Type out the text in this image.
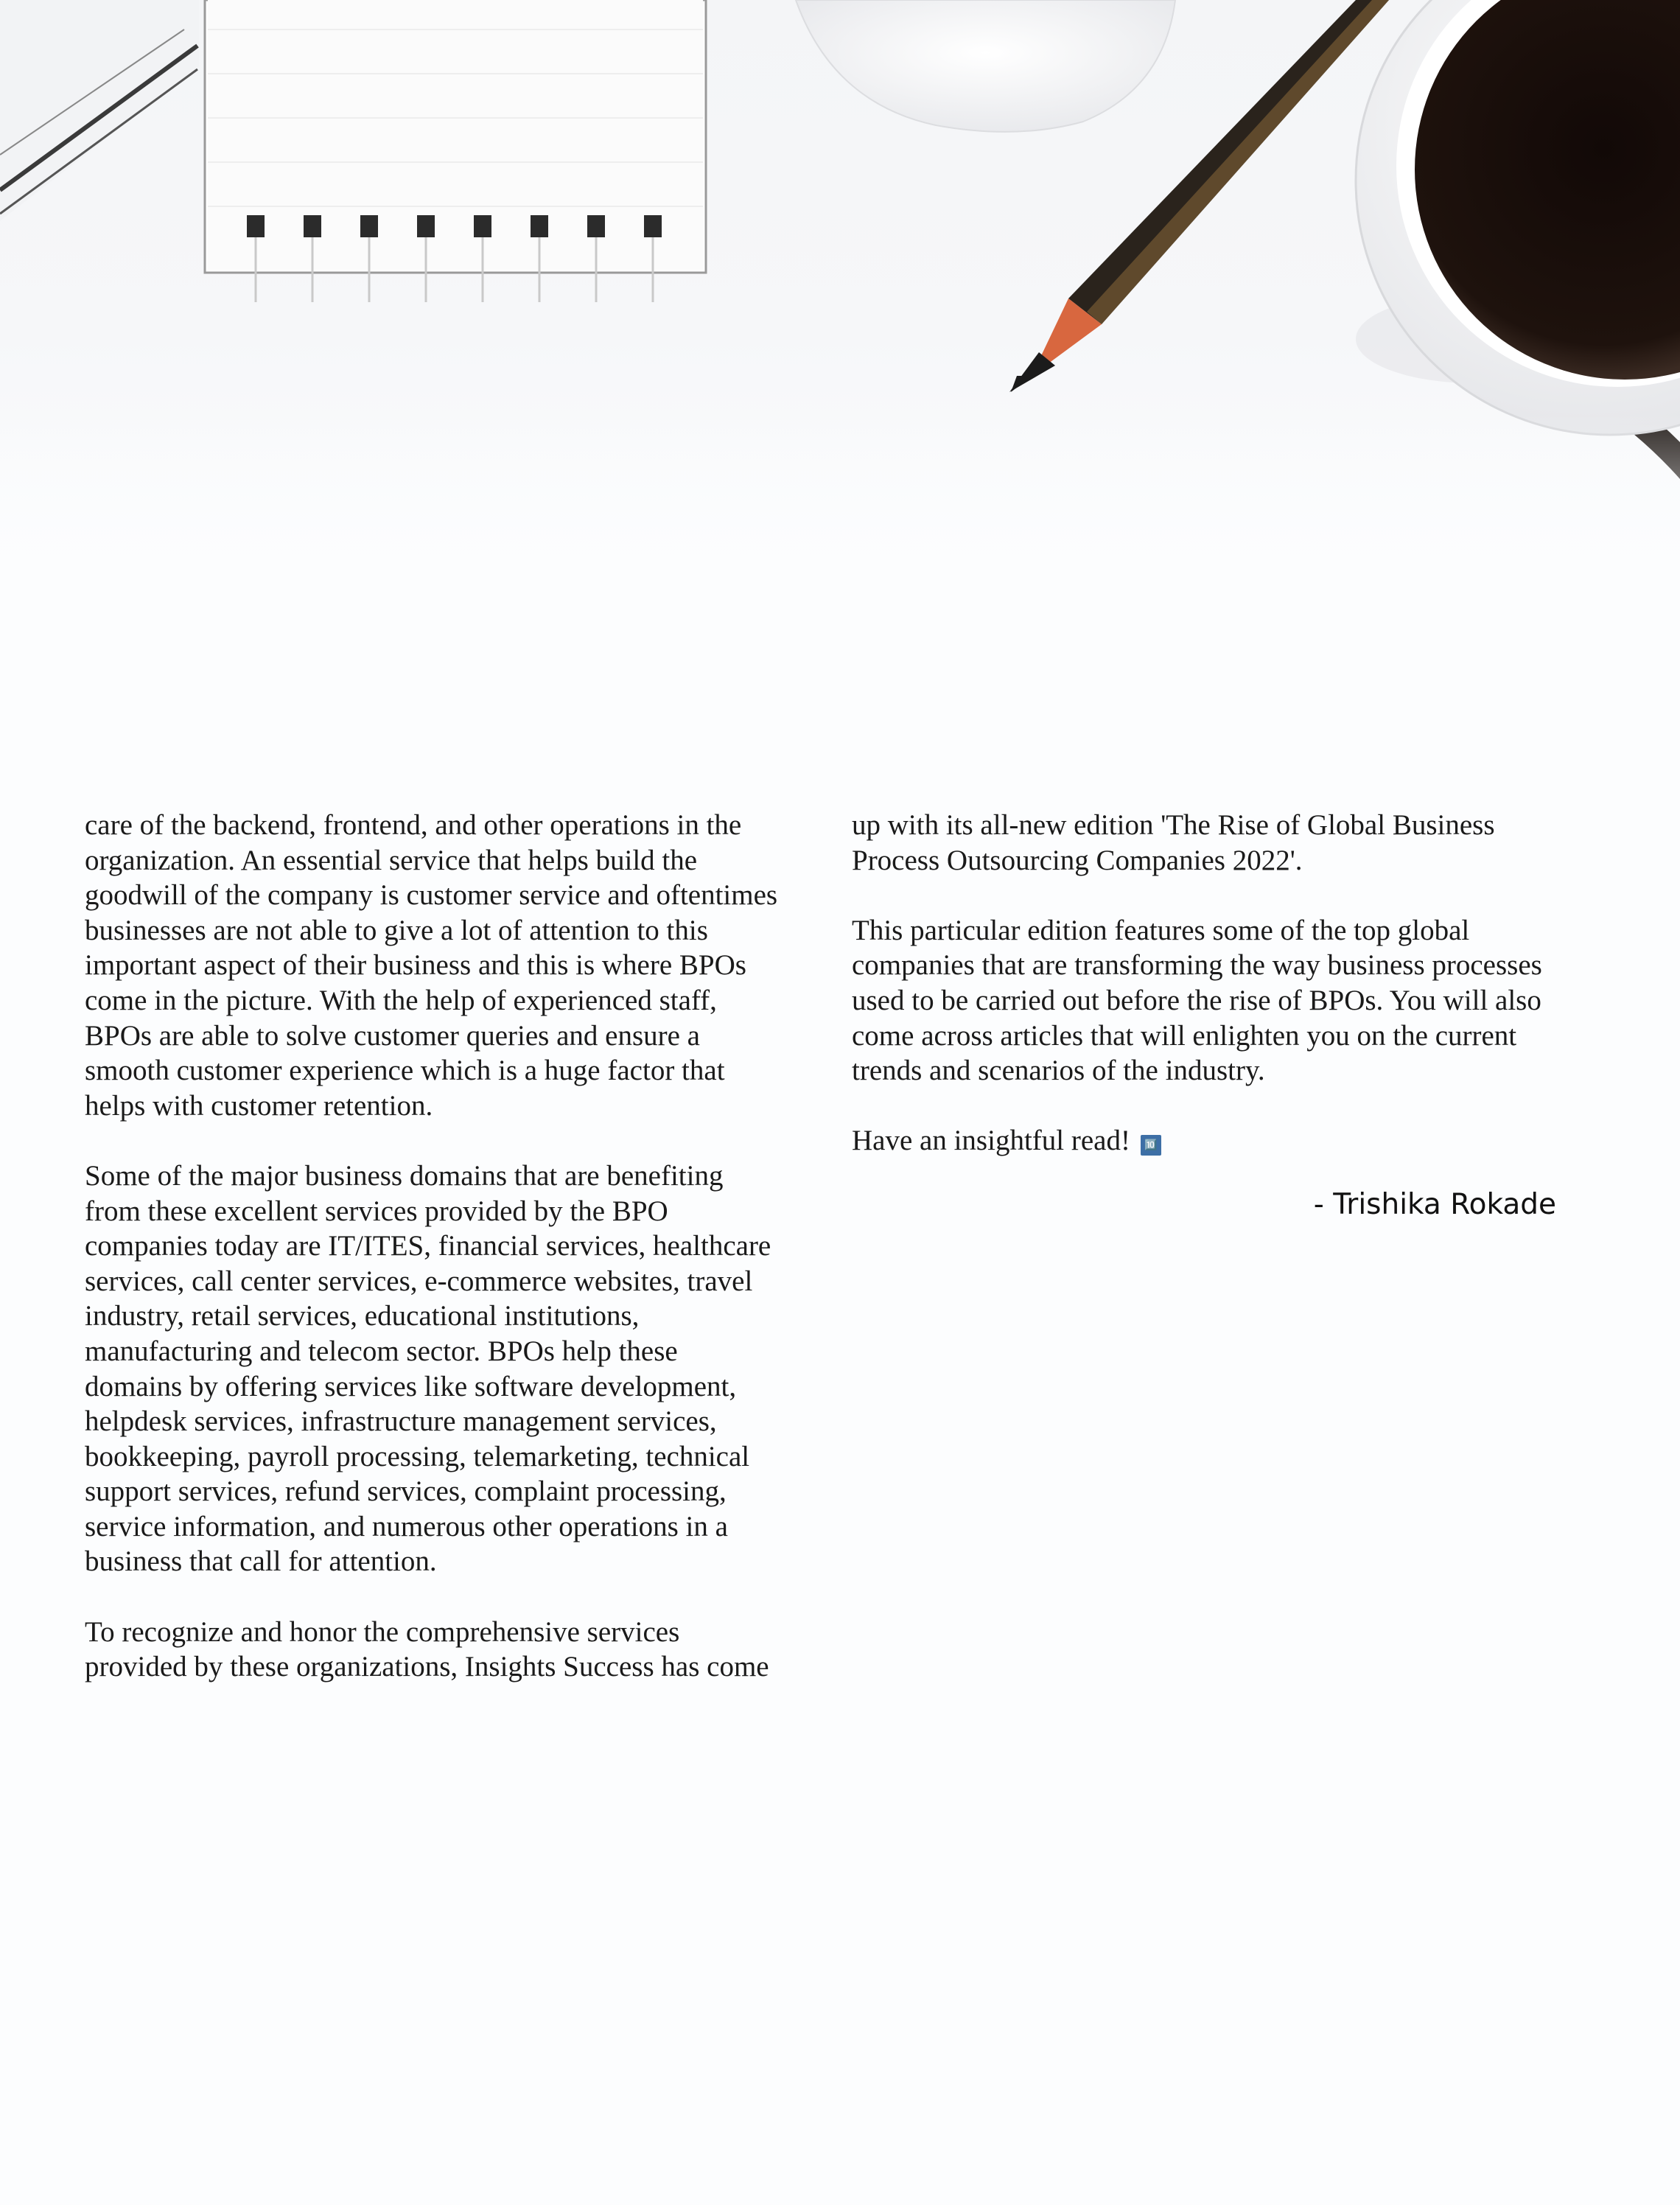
care of the backend, frontend, and other operations in the
organization. An essential service that helps build the
goodwill of the company is customer service and oftentimes
businesses are not able to give a lot of attention to this
important aspect of their business and this is where BPOs
come in the picture. With the help of experienced staff,
BPOs are able to solve customer queries and ensure a
smooth customer experience which is a huge factor that
helps with customer retention.
Some of the major business domains that are benefiting
from these excellent services provided by the BPO
companies today are IT/ITES, financial services, healthcare
services, call center services, e-commerce websites, travel
industry, retail services, educational institutions,
manufacturing and telecom sector. BPOs help these
domains by offering services like software development,
helpdesk services, infrastructure management services,
bookkeeping, payroll processing, telemarketing, technical
support services, refund services, complaint processing,
service information, and numerous other operations in a
business that call for attention.
To recognize and honor the comprehensive services
provided by these organizations, Insights Success has come
up with its all-new edition 'The Rise of Global Business
Process Outsourcing Companies 2022'.
This particular edition features some of the top global
companies that are transforming the way business processes
used to be carried out before the rise of BPOs. You will also
come across articles that will enlighten you on the current
trends and scenarios of the industry.
Have an insightful read! 🔟
- Trishika Rokade
